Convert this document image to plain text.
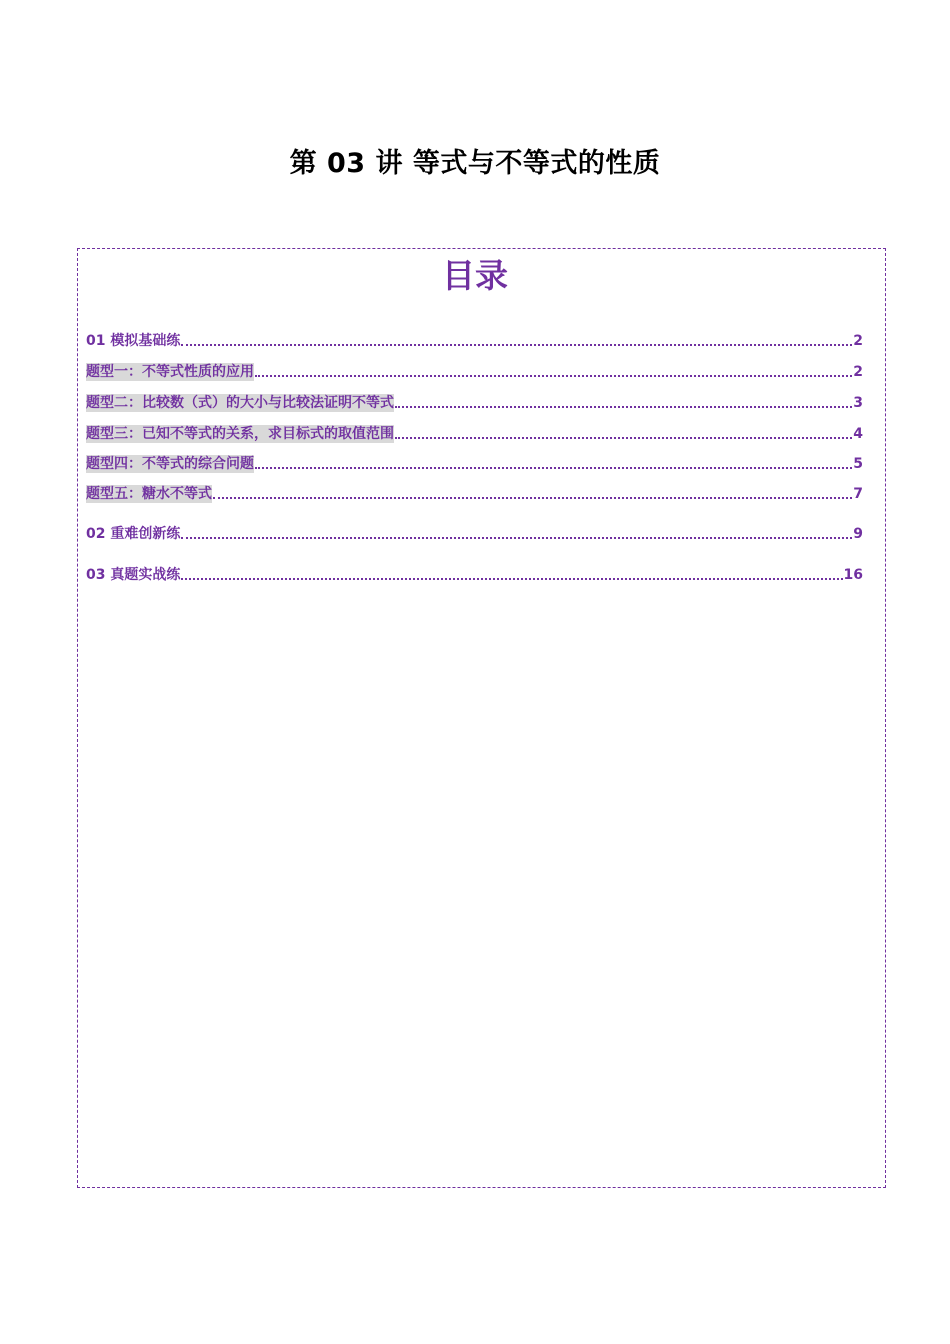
第 03 讲 等式与不等式的性质
目录
01 模拟基础练	2
题型一：不等式性质的应用	2
题型二：比较数（式）的大小与比较法证明不等式	3
题型三：已知不等式的关系，求目标式的取值范围	4
题型四：不等式的综合问题	5
题型五：糖水不等式	7
02 重难创新练	9
03 真题实战练	16
